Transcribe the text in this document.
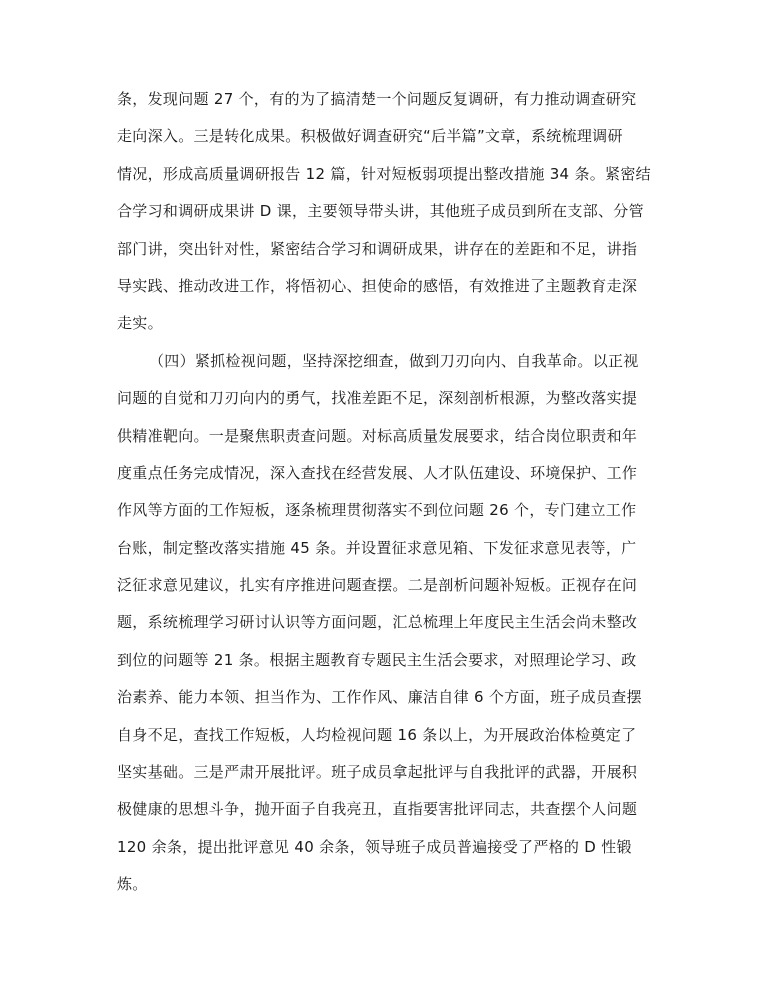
条，发现问题 27 个，有的为了搞清楚一个问题反复调研，有力推动调查研究
走向深入。三是转化成果。积极做好调查研究“后半篇”文章，系统梳理调研
情况，形成高质量调研报告 12 篇，针对短板弱项提出整改措施 34 条。紧密结
合学习和调研成果讲 D 课，主要领导带头讲，其他班子成员到所在支部、分管
部门讲，突出针对性，紧密结合学习和调研成果，讲存在的差距和不足，讲指
导实践、推动改进工作，将悟初心、担使命的感悟，有效推进了主题教育走深
走实。
（四）紧抓检视问题，坚持深挖细查，做到刀刃向内、自我革命。以正视
问题的自觉和刀刃向内的勇气，找准差距不足，深刻剖析根源，为整改落实提
供精准靶向。一是聚焦职责查问题。对标高质量发展要求，结合岗位职责和年
度重点任务完成情况，深入查找在经营发展、人才队伍建设、环境保护、工作
作风等方面的工作短板，逐条梳理贯彻落实不到位问题 26 个，专门建立工作
台账，制定整改落实措施 45 条。并设置征求意见箱、下发征求意见表等，广
泛征求意见建议，扎实有序推进问题查摆。二是剖析问题补短板。正视存在问
题，系统梳理学习研讨认识等方面问题，汇总梳理上年度民主生活会尚未整改
到位的问题等 21 条。根据主题教育专题民主生活会要求，对照理论学习、政
治素养、能力本领、担当作为、工作作风、廉洁自律 6 个方面，班子成员查摆
自身不足，查找工作短板，人均检视问题 16 条以上，为开展政治体检奠定了
坚实基础。三是严肃开展批评。班子成员拿起批评与自我批评的武器，开展积
极健康的思想斗争，抛开面子自我亮丑，直指要害批评同志，共查摆个人问题
120 余条，提出批评意见 40 余条，领导班子成员普遍接受了严格的 D 性锻
炼。
